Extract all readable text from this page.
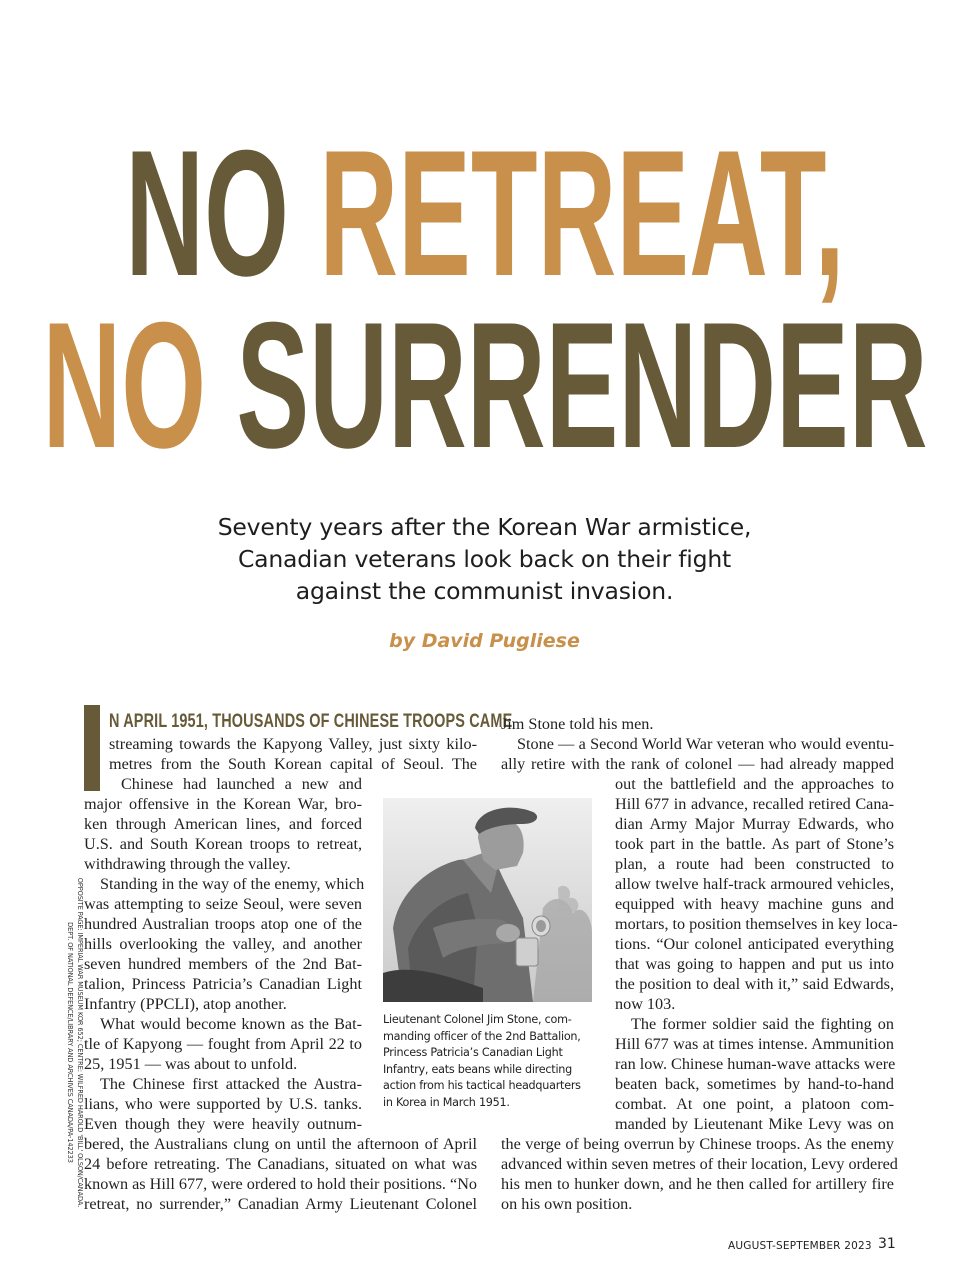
NO RETREAT,
NO SURRENDER
Seventy years after the Korean War armistice,
Canadian veterans look back on their fight
against the communist invasion.
by David Pugliese
OPPOSITE PAGE: IMPERIAL WAR MUSEUM KOR 652; CENTRE: WILFRED HAROLD 'BILL' OLSON/CANADA.
DEPT. OF NATIONAL DEFENCE/LIBRARY AND ARCHIVES CANADA/PA-142233
N APRIL 1951, THOUSANDS OF CHINESE TROOPS CAME
streaming towards the Kapyong Valley, just sixty kilo-
metres from the South Korean capital of Seoul. The
Chinese had launched a new and
major offensive in the Korean War, bro-
ken through American lines, and forced
U.S. and South Korean troops to retreat,
withdrawing through the valley.
Standing in the way of the enemy, which
was attempting to seize Seoul, were seven
hundred Australian troops atop one of the
hills overlooking the valley, and another
seven hundred members of the 2nd Bat-
talion, Princess Patricia’s Canadian Light
Infantry (PPCLI), atop another.
What would become known as the Bat-
tle of Kapyong — fought from April 22 to
25, 1951 — was about to unfold.
The Chinese first attacked the Austra-
lians, who were supported by U.S. tanks.
Even though they were heavily outnum-
bered, the Australians clung on until the afternoon of April
24 before retreating. The Canadians, situated on what was
known as Hill 677, were ordered to hold their positions. “No
retreat, no surrender,” Canadian Army Lieutenant Colonel
Jim Stone told his men.
Stone — a Second World War veteran who would eventu-
ally retire with the rank of colonel — had already mapped
out the battlefield and the approaches to
Hill 677 in advance, recalled retired Cana-
dian Army Major Murray Edwards, who
took part in the battle. As part of Stone’s
plan, a route had been constructed to
allow twelve half-track armoured vehicles,
equipped with heavy machine guns and
mortars, to position themselves in key loca-
tions. “Our colonel anticipated everything
that was going to happen and put us into
the position to deal with it,” said Edwards,
now 103.
The former soldier said the fighting on
Hill 677 was at times intense. Ammunition
ran low. Chinese human-wave attacks were
beaten back, sometimes by hand-to-hand
combat. At one point, a platoon com-
manded by Lieutenant Mike Levy was on
the verge of being overrun by Chinese troops. As the enemy
advanced within seven metres of their location, Levy ordered
his men to hunker down, and he then called for artillery fire
on his own position.
Lieutenant Colonel Jim Stone, com-
manding officer of the 2nd Battalion,
Princess Patricia’s Canadian Light
Infantry, eats beans while directing
action from his tactical headquarters
in Korea in March 1951.
AUGUST-SEPTEMBER 2023 31
